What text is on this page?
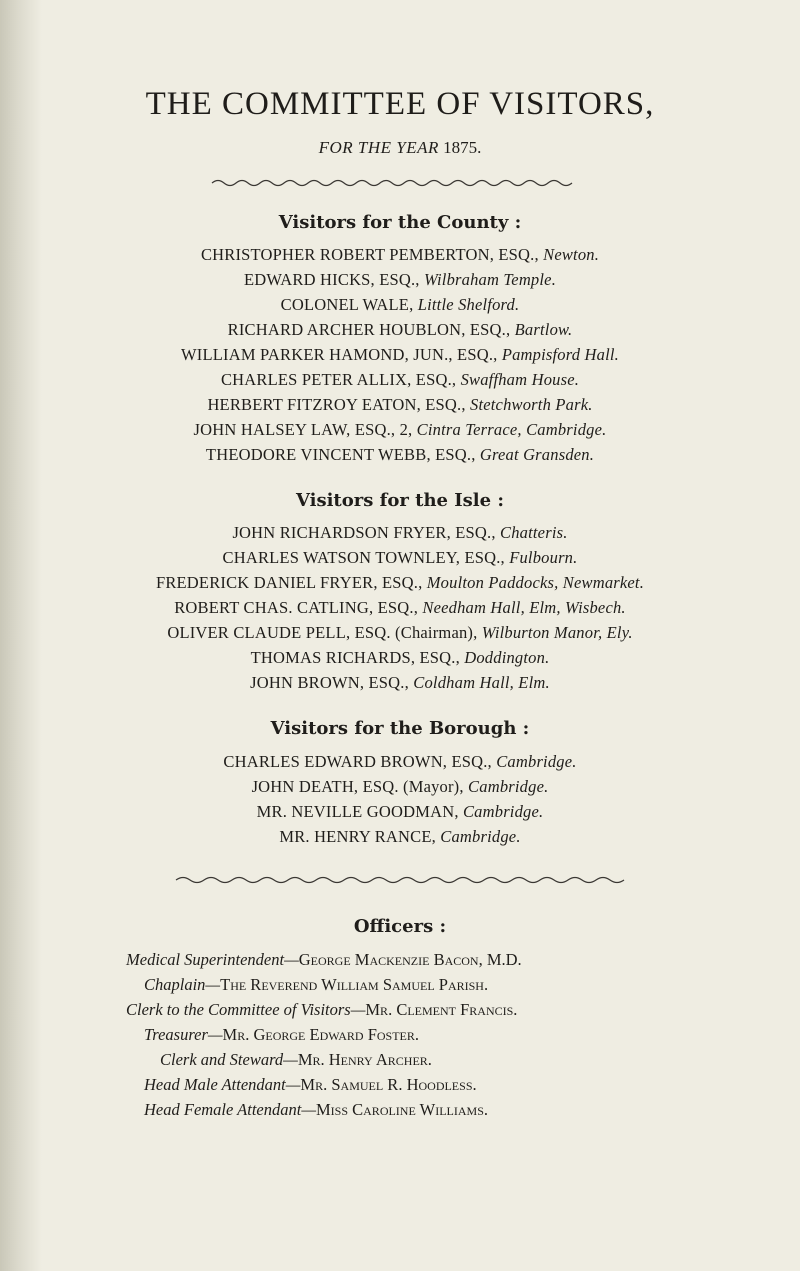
THE COMMITTEE OF VISITORS,
FOR THE YEAR 1875.
Visitors for the County :
CHRISTOPHER ROBERT PEMBERTON, ESQ., Newton.
EDWARD HICKS, ESQ., Wilbraham Temple.
COLONEL WALE, Little Shelford.
RICHARD ARCHER HOUBLON, ESQ., Bartlow.
WILLIAM PARKER HAMOND, JUN., ESQ., Pampisford Hall.
CHARLES PETER ALLIX, ESQ., Swaffham House.
HERBERT FITZROY EATON, ESQ., Stetchworth Park.
JOHN HALSEY LAW, ESQ., 2, Cintra Terrace, Cambridge.
THEODORE VINCENT WEBB, ESQ., Great Gransden.
Visitors for the Isle :
JOHN RICHARDSON FRYER, ESQ., Chatteris.
CHARLES WATSON TOWNLEY, ESQ., Fulbourn.
FREDERICK DANIEL FRYER, ESQ., Moulton Paddocks, Newmarket.
ROBERT CHAS. CATLING, ESQ., Needham Hall, Elm, Wisbech.
OLIVER CLAUDE PELL, ESQ. (Chairman), Wilburton Manor, Ely.
THOMAS RICHARDS, ESQ., Doddington.
JOHN BROWN, ESQ., Coldham Hall, Elm.
Visitors for the Borough :
CHARLES EDWARD BROWN, ESQ., Cambridge.
JOHN DEATH, ESQ. (Mayor), Cambridge.
MR. NEVILLE GOODMAN, Cambridge.
MR. HENRY RANCE, Cambridge.
Officers :
Medical Superintendent—George Mackenzie Bacon, M.D.
Chaplain—The Reverend William Samuel Parish.
Clerk to the Committee of Visitors—Mr. Clement Francis.
Treasurer—Mr. George Edward Foster.
Clerk and Steward—Mr. Henry Archer.
Head Male Attendant—Mr. Samuel R. Hoodless.
Head Female Attendant—Miss Caroline Williams.
